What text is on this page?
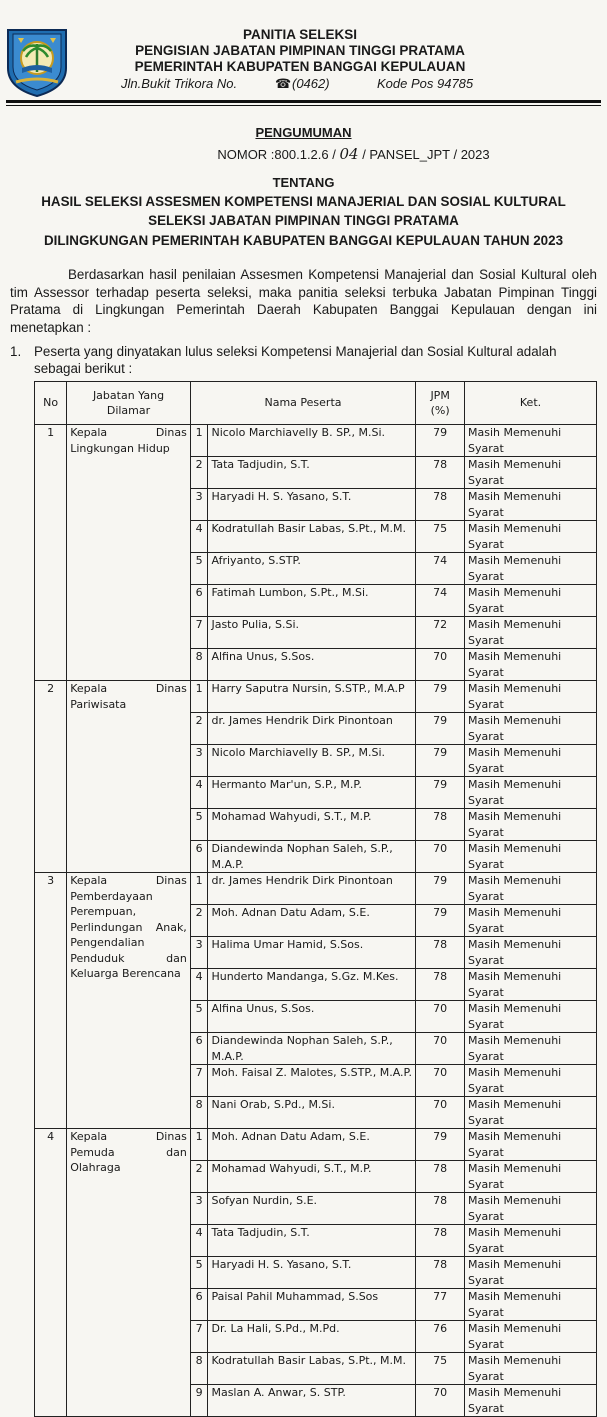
PANITIA SELEKSI
PENGISIAN JABATAN PIMPINAN TINGGI PRATAMA
PEMERINTAH KABUPATEN BANGGAI KEPULAUAN
Jln.Bukit Trikora No.	☎ (0462)	Kode Pos 94785
PENGUMUMAN
NOMOR :800.1.2.6 / 04 / PANSEL_JPT / 2023
TENTANG
HASIL SELEKSI ASSESMEN KOMPETENSI MANAJERIAL DAN SOSIAL KULTURAL
SELEKSI JABATAN PIMPINAN TINGGI PRATAMA
DILINGKUNGAN PEMERINTAH KABUPATEN BANGGAI KEPULAUAN TAHUN 2023
Berdasarkan hasil penilaian Assesmen Kompetensi Manajerial dan Sosial Kultural oleh tim Assessor terhadap peserta seleksi, maka panitia seleksi terbuka Jabatan Pimpinan Tinggi Pratama di Lingkungan Pemerintah Daerah Kabupaten Banggai Kepulauan dengan ini menetapkan :
1. Peserta yang dinyatakan lulus seleksi Kompetensi Manajerial dan Sosial Kultural adalah sebagai berikut :
No	Jabatan Yang Dilamar	Nama Peserta		JPM (%)	Ket.
1	Kepala Dinas Lingkungan Hidup	1	Nicolo Marchiavelly B. SP., M.Si.	79	Masih Memenuhi Syarat
		2	Tata Tadjudin, S.T.	78	Masih Memenuhi Syarat
		3	Haryadi H. S. Yasano, S.T.	78	Masih Memenuhi Syarat
		4	Kodratullah Basir Labas, S.Pt., M.M.	75	Masih Memenuhi Syarat
		5	Afriyanto, S.STP.	74	Masih Memenuhi Syarat
		6	Fatimah Lumbon, S.Pt., M.Si.	74	Masih Memenuhi Syarat
		7	Jasto Pulia, S.Si.	72	Masih Memenuhi Syarat
		8	Alfina Unus, S.Sos.	70	Masih Memenuhi Syarat
2	Kepala Dinas Pariwisata	1	Harry Saputra Nursin, S.STP., M.A.P	79	Masih Memenuhi Syarat
		2	dr. James Hendrik Dirk Pinontoan	79	Masih Memenuhi Syarat
		3	Nicolo Marchiavelly B. SP., M.Si.	79	Masih Memenuhi Syarat
		4	Hermanto Mar'un, S.P., M.P.	79	Masih Memenuhi Syarat
		5	Mohamad Wahyudi, S.T., M.P.	78	Masih Memenuhi Syarat
		6	Diandewinda Nophan Saleh, S.P., M.A.P.	70	Masih Memenuhi Syarat
3	Kepala Dinas Pemberdayaan Perempuan, Perlindungan Anak, Pengendalian Penduduk dan Keluarga Berencana	1	dr. James Hendrik Dirk Pinontoan	79	Masih Memenuhi Syarat
		2	Moh. Adnan Datu Adam, S.E.	79	Masih Memenuhi Syarat
		3	Halima Umar Hamid, S.Sos.	78	Masih Memenuhi Syarat
		4	Hunderto Mandanga, S.Gz. M.Kes.	78	Masih Memenuhi Syarat
		5	Alfina Unus, S.Sos.	70	Masih Memenuhi Syarat
		6	Diandewinda Nophan Saleh, S.P., M.A.P.	70	Masih Memenuhi Syarat
		7	Moh. Faisal Z. Malotes, S.STP., M.A.P.	70	Masih Memenuhi Syarat
		8	Nani Orab, S.Pd., M.Si.	70	Masih Memenuhi Syarat
4	Kepala Dinas Pemuda dan Olahraga	1	Moh. Adnan Datu Adam, S.E.	79	Masih Memenuhi Syarat
		2	Mohamad Wahyudi, S.T., M.P.	78	Masih Memenuhi Syarat
		3	Sofyan Nurdin, S.E.	78	Masih Memenuhi Syarat
		4	Tata Tadjudin, S.T.	78	Masih Memenuhi Syarat
		5	Haryadi H. S. Yasano, S.T.	78	Masih Memenuhi Syarat
		6	Paisal Pahil Muhammad, S.Sos	77	Masih Memenuhi Syarat
		7	Dr. La Hali, S.Pd., M.Pd.	76	Masih Memenuhi Syarat
		8	Kodratullah Basir Labas, S.Pt., M.M.	75	Masih Memenuhi Syarat
		9	Maslan A. Anwar, S. STP.	70	Masih Memenuhi Syarat
